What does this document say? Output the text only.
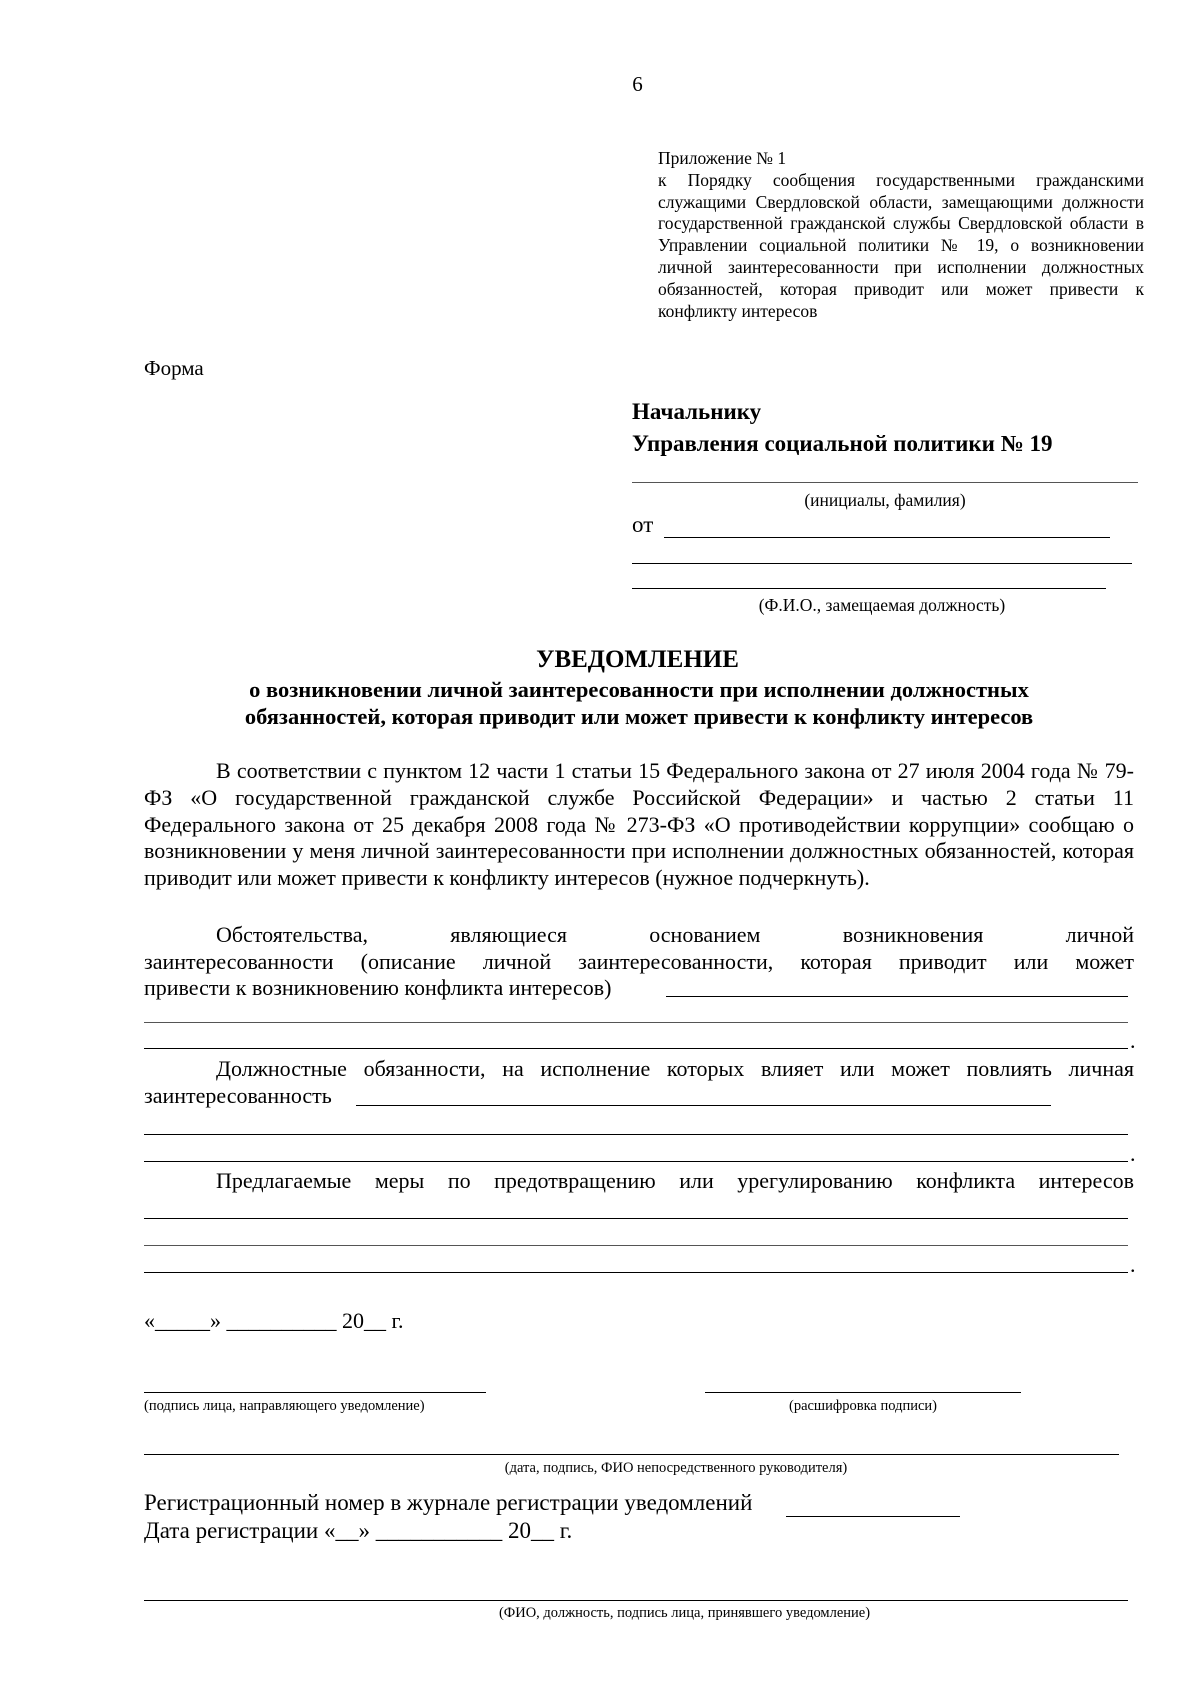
6
Приложение № 1
к Порядку сообщения государственными гражданскими служащими Свердловской области, замещающими должности государственной гражданской службы Свердловской области в Управлении социальной политики № 19, о возникновении личной заинтересованности при исполнении должностных обязанностей, которая приводит или может привести к конфликту интересов
Форма
Начальнику
Управления социальной политики № 19
(инициалы, фамилия)
от
(Ф.И.О., замещаемая должность)
УВЕДОМЛЕНИЕ
о возникновении личной заинтересованности при исполнении должностных
обязанностей, которая приводит или может привести к конфликту интересов

В соответствии с пунктом 12 части 1 статьи 15 Федерального закона от 27 июля 2004 года № 79-ФЗ «О государственной гражданской службе Российской Федерации» и частью 2 статьи 11 Федерального закона от 25 декабря 2008 года № 273-ФЗ «О противодействии коррупции» сообщаю о возникновении у меня личной заинтересованности при исполнении должностных обязанностей, которая приводит или может привести к конфликту интересов (нужное подчеркнуть).

Обстоятельства, являющиеся основанием возникновения личной
заинтересованности (описание личной заинтересованности, которая приводит или может
привести к возникновению конфликта интересов)
.
Должностные обязанности, на исполнение которых влияет или может повлиять личная
заинтересованность
.
Предлагаемые меры по предотвращению или урегулированию конфликта интересов
.
«_____» __________ 20__ г.
(подпись лица, направляющего уведомление)	(расшифровка подписи)
(дата, подпись, ФИО непосредственного руководителя)
Регистрационный номер в журнале регистрации уведомлений
Дата регистрации «__» ___________ 20__ г.
(ФИО, должность, подпись лица, принявшего уведомление)
